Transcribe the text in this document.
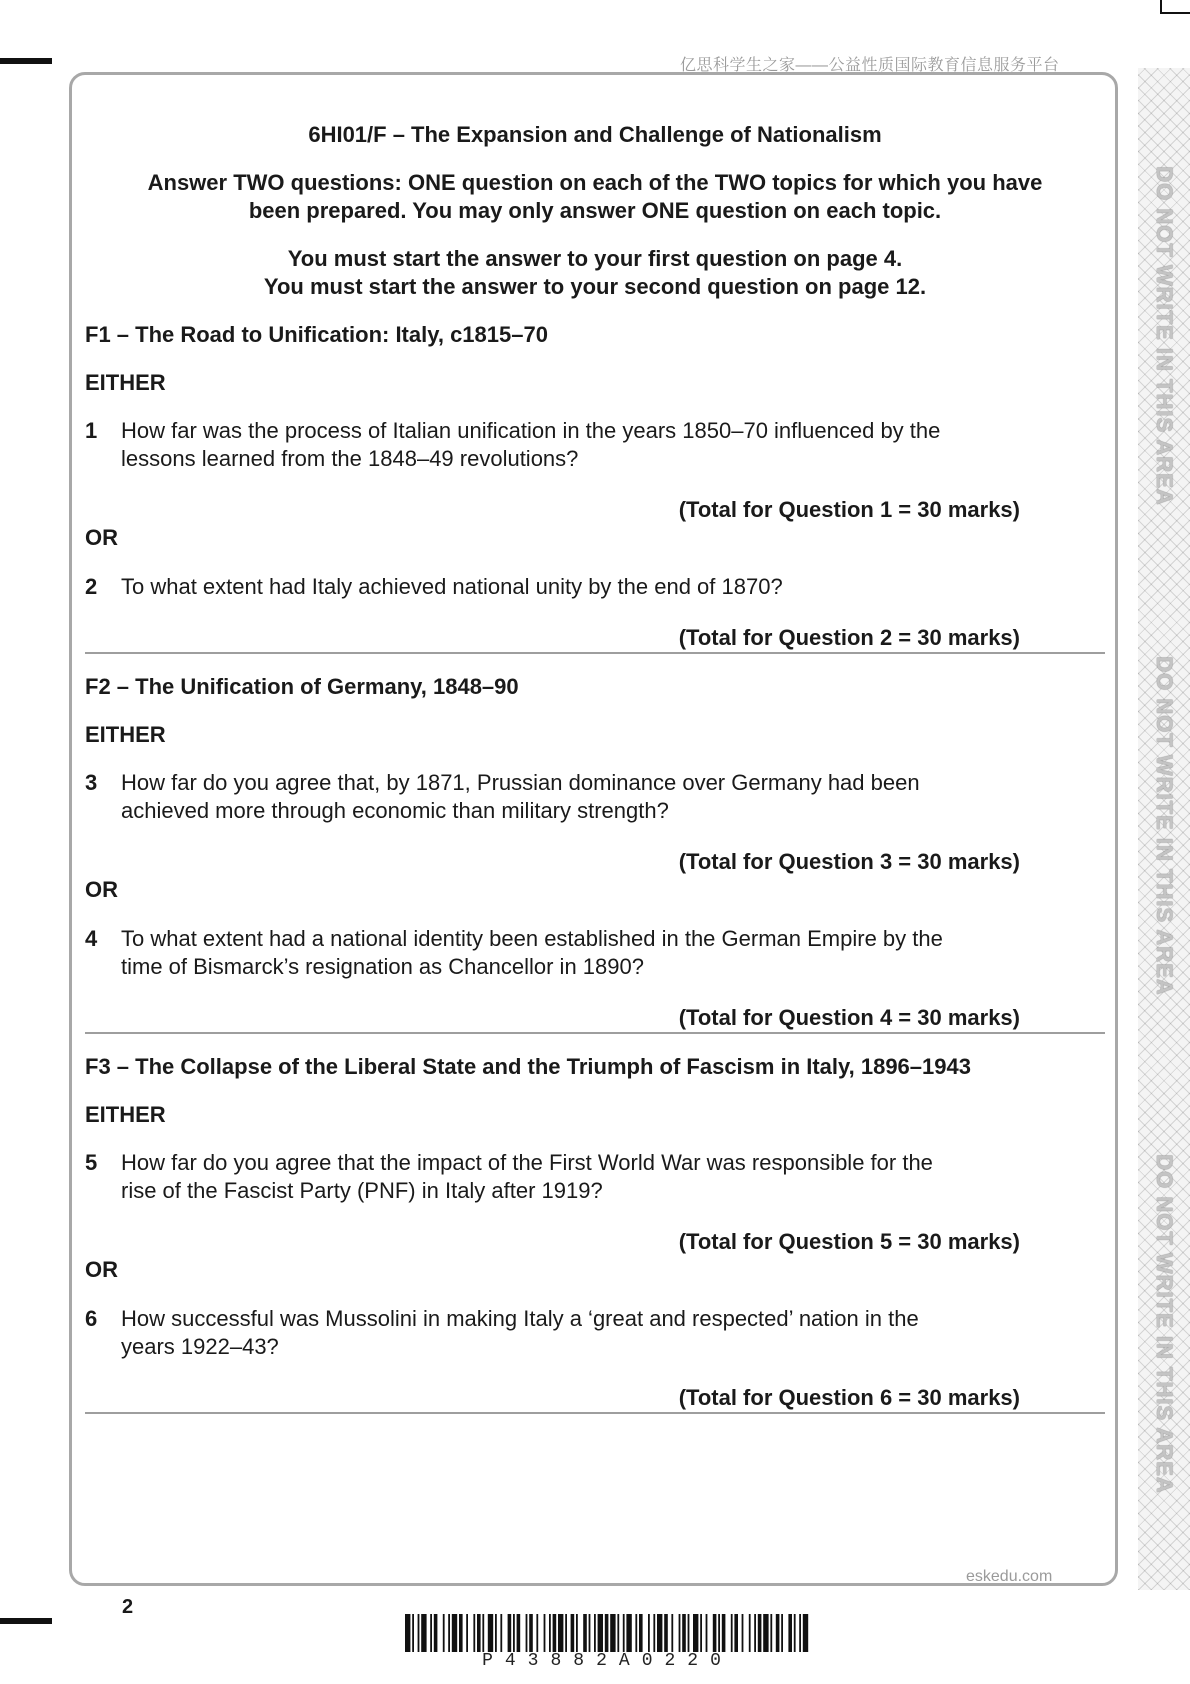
亿思科学生之家——公益性质国际教育信息服务平台
6HI01/F – The Expansion and Challenge of Nationalism
Answer TWO questions: ONE question on each of the TWO topics for which you have
been prepared. You may only answer ONE question on each topic.
You must start the answer to your first question on page 4.
You must start the answer to your second question on page 12.
F1 – The Road to Unification: Italy, c1815–70
EITHER
1 How far was the process of Italian unification in the years 1850–70 influenced by the
lessons learned from the 1848–49 revolutions?
(Total for Question 1 = 30 marks)
OR
2 To what extent had Italy achieved national unity by the end of 1870?
(Total for Question 2 = 30 marks)
F2 – The Unification of Germany, 1848–90
EITHER
3 How far do you agree that, by 1871, Prussian dominance over Germany had been
achieved more through economic than military strength?
(Total for Question 3 = 30 marks)
OR
4 To what extent had a national identity been established in the German Empire by the
time of Bismarck’s resignation as Chancellor in 1890?
(Total for Question 4 = 30 marks)
F3 – The Collapse of the Liberal State and the Triumph of Fascism in Italy, 1896–1943
EITHER
5 How far do you agree that the impact of the First World War was responsible for the
rise of the Fascist Party (PNF) in Italy after 1919?
(Total for Question 5 = 30 marks)
OR
6 How successful was Mussolini in making Italy a ‘great and respected’ nation in the
years 1922–43?
(Total for Question 6 = 30 marks)
DO NOT WRITE IN THIS AREA
DO NOT WRITE IN THIS AREA
DO NOT WRITE IN THIS AREA
eskedu.com
2
P43882A0220
